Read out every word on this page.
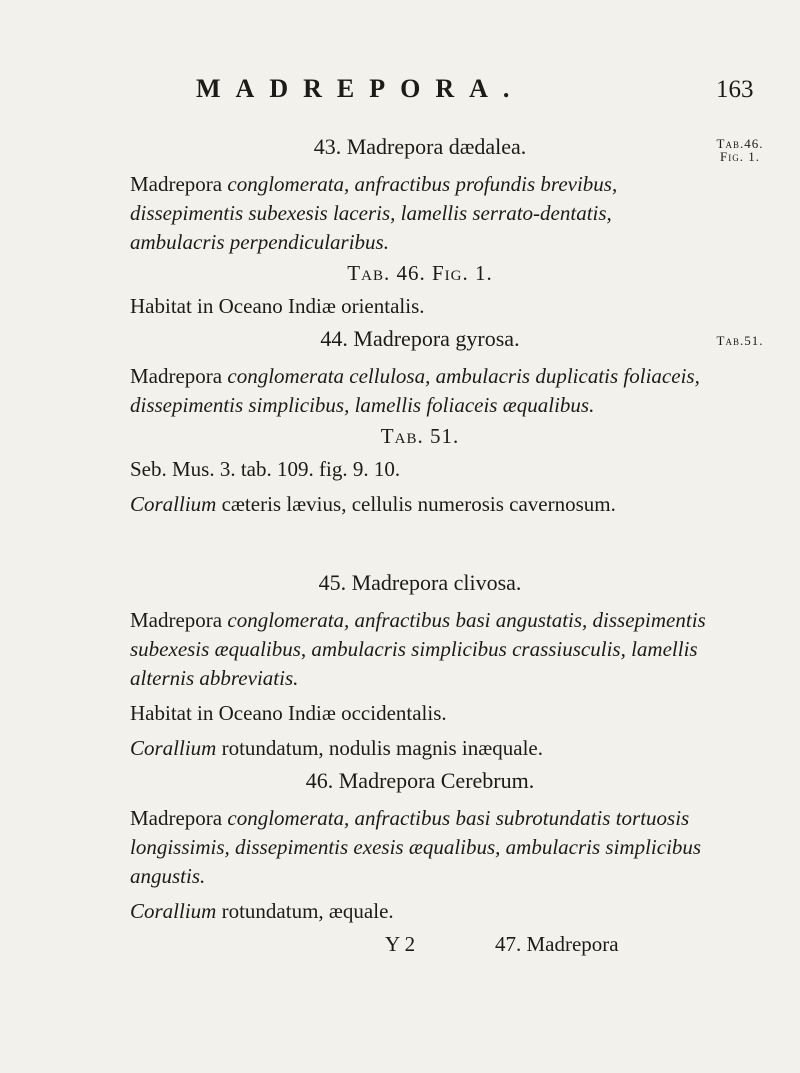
MADREPORA.	163

43. Madrepora dædalea.

Madrepora conglomerata, anfractibus profundis brevibus, dissepimentis subexesis laceris, lamellis serrato-dentatis, ambulacris perpendicularibus.

Tab. 46. Fig. 1.

Habitat in Oceano Indiæ orientalis.

Tab.46.
Fig. 1.

44. Madrepora gyrosa.

Madrepora conglomerata cellulosa, ambulacris duplicatis foliaceis, dissepimentis simplicibus, lamellis foliaceis æqualibus.

Tab. 51.

Seb. Mus. 3. tab. 109. fig. 9. 10.

Corallium cæteris lævius, cellulis numerosis cavernosum.

Tab.51.

45. Madrepora clivosa.

Madrepora conglomerata, anfractibus basi angustatis, dissepimentis subexesis æqualibus, ambulacris simplicibus crassiusculis, lamellis alternis abbreviatis.

Habitat in Oceano Indiæ occidentalis.

Corallium rotundatum, nodulis magnis inæquale.

46. Madrepora Cerebrum.

Madrepora conglomerata, anfractibus basi subrotundatis tortuosis longissimis, dissepimentis exesis æqualibus, ambulacris simplicibus angustis.

Corallium rotundatum, æquale.

Y 2	47. Madrepora
